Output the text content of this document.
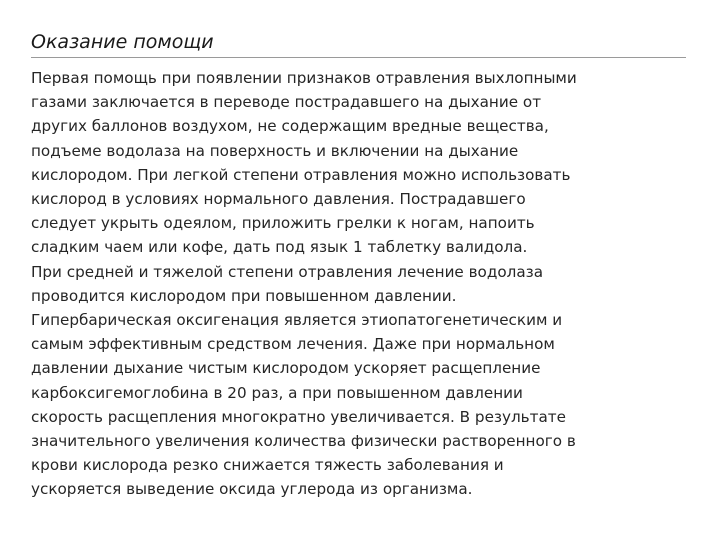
Оказание помощи

Первая помощь при появлении признаков отравления выхлопными
газами заключается в переводе пострадавшего на дыхание от
других баллонов воздухом, не содержащим вредные вещества,
подъеме водолаза на поверхность и включении на дыхание
кислородом. При легкой степени отравления можно использовать
кислород в условиях нормального давления. Пострадавшего
следует укрыть одеялом, приложить грелки к ногам, напоить
сладким чаем или кофе, дать под язык 1 таблетку валидола.

При средней и тяжелой степени отравления лечение водолаза
проводится кислородом при повышенном давлении.
Гипербарическая оксигенация является этиопатогенетическим и
самым эффективным средством лечения. Даже при нормальном
давлении дыхание чистым кислородом ускоряет расщепление
карбоксигемоглобина в 20 раз, а при повышенном давлении
скорость расщепления многократно увеличивается. В результате
значительного увеличения количества физически растворенного в
крови кислорода резко снижается тяжесть заболевания и
ускоряется выведение оксида углерода из организма.
